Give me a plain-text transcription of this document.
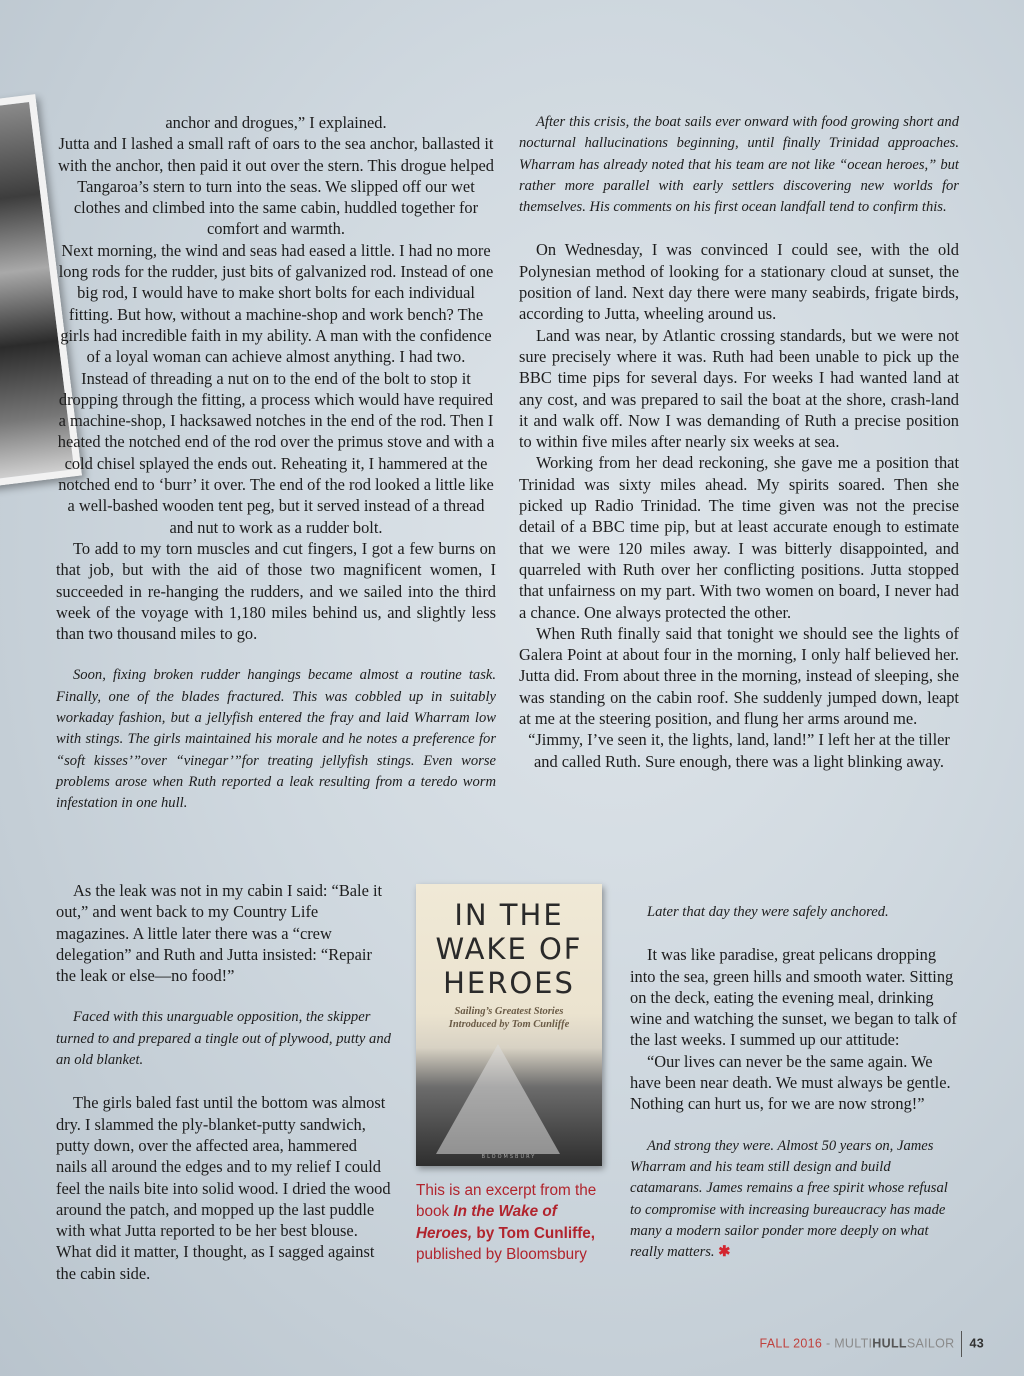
anchor and drogues,” I explained.

Jutta and I lashed a small raft of oars to the sea anchor, ballasted it with the anchor, then paid it out over the stern. This drogue helped Tangaroa’s stern to turn into the seas. We slipped off our wet clothes and climbed into the same cabin, huddled together for comfort and warmth.

Next morning, the wind and seas had eased a little. I had no more long rods for the rudder, just bits of galvanized rod. Instead of one big rod, I would have to make short bolts for each individual fitting. But how, without a machine-shop and work bench? The girls had incredible faith in my ability. A man with the confidence of a loyal woman can achieve almost anything. I had two.

Instead of threading a nut on to the end of the bolt to stop it dropping through the fitting, a process which would have required a machine-shop, I hacksawed notches in the end of the rod. Then I heated the notched end of the rod over the primus stove and with a cold chisel splayed the ends out. Reheating it, I hammered at the notched end to ‘burr’ it over. The end of the rod looked a little like a well-bashed wooden tent peg, but it served instead of a thread and nut to work as a rudder bolt.

To add to my torn muscles and cut fingers, I got a few burns on that job, but with the aid of those two magnificent women, I succeeded in re-hanging the rudders, and we sailed into the third week of the voyage with 1,180 miles behind us, and slightly less than two thousand miles to go.

Soon, fixing broken rudder hangings became almost a routine task. Finally, one of the blades fractured. This was cobbled up in suitably workaday fashion, but a jellyfish entered the fray and laid Wharram low with stings. The girls maintained his morale and he notes a preference for “soft kisses’”over “vinegar’”for treating jellyfish stings. Even worse problems arose when Ruth reported a leak resulting from a teredo worm infestation in one hull.

As the leak was not in my cabin I said: “Bale it out,” and went back to my Country Life magazines. A little later there was a “crew delegation” and Ruth and Jutta insisted: “Repair the leak or else—no food!”

Faced with this unarguable opposition, the skipper turned to and prepared a tingle out of plywood, putty and an old blanket.

The girls baled fast until the bottom was almost dry. I slammed the ply-blanket-putty sandwich, putty down, over the affected area, hammered nails all around the edges and to my relief I could feel the nails bite into solid wood. I dried the wood around the patch, and mopped up the last puddle with what Jutta reported to be her best blouse. What did it matter, I thought, as I sagged against the cabin side.

After this crisis, the boat sails ever onward with food growing short and nocturnal hallucinations beginning, until finally Trinidad approaches. Wharram has already noted that his team are not like “ocean heroes,” but rather more parallel with early settlers discovering new worlds for themselves. His comments on his first ocean landfall tend to confirm this.

On Wednesday, I was convinced I could see, with the old Polynesian method of looking for a stationary cloud at sunset, the position of land. Next day there were many seabirds, frigate birds, according to Jutta, wheeling around us.

Land was near, by Atlantic crossing standards, but we were not sure precisely where it was. Ruth had been unable to pick up the BBC time pips for several days. For weeks I had wanted land at any cost, and was prepared to sail the boat at the shore, crash-land it and walk off. Now I was demanding of Ruth a precise position to within five miles after nearly six weeks at sea.

Working from her dead reckoning, she gave me a position that Trinidad was sixty miles ahead. My spirits soared. Then she picked up Radio Trinidad. The time given was not the precise detail of a BBC time pip, but at least accurate enough to estimate that we were 120 miles away. I was bitterly disappointed, and quarreled with Ruth over her conflicting positions. Jutta stopped that unfairness on my part. With two women on board, I never had a chance. One always protected the other.

When Ruth finally said that tonight we should see the lights of Galera Point at about four in the morning, I only half believed her. Jutta did. From about three in the morning, instead of sleeping, she was standing on the cabin roof. She suddenly jumped down, leapt at me at the steering position, and flung her arms around me.

“Jimmy, I’ve seen it, the lights, land, land!” I left her at the tiller and called Ruth. Sure enough, there was a light blinking away.

Later that day they were safely anchored.

It was like paradise, great pelicans dropping into the sea, green hills and smooth water. Sitting on the deck, eating the evening meal, drinking wine and watching the sunset, we began to talk of the last weeks. I summed up our attitude:

“Our lives can never be the same again. We have been near death. We must always be gentle. Nothing can hurt us, for we are now strong!”

And strong they were. Almost 50 years on, James Wharram and his team still design and build catamarans. James remains a free spirit whose refusal to compromise with increasing bureaucracy has made many a modern sailor ponder more deeply on what really matters. ✱

IN THE
WAKE OF
HEROES
Sailing’s Greatest Stories
Introduced by Tom Cunliffe
BLOOMSBURY
This is an excerpt from the book In the Wake of Heroes, by Tom Cunliffe, published by Bloomsbury
FALL 2016 - MULTIHULLSAILOR 43
